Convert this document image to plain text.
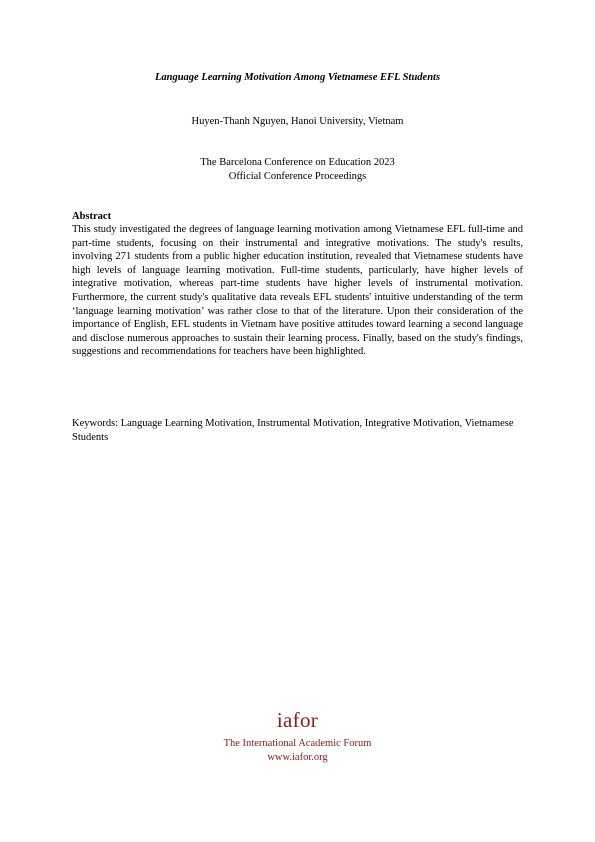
Language Learning Motivation Among Vietnamese EFL Students
Huyen-Thanh Nguyen, Hanoi University, Vietnam
The Barcelona Conference on Education 2023
Official Conference Proceedings
Abstract
This study investigated the degrees of language learning motivation among Vietnamese EFL full-time and part-time students, focusing on their instrumental and integrative motivations. The study's results, involving 271 students from a public higher education institution, revealed that Vietnamese students have high levels of language learning motivation. Full-time students, particularly, have higher levels of integrative motivation, whereas part-time students have higher levels of instrumental motivation. Furthermore, the current study's qualitative data reveals EFL students' intuitive understanding of the term ‘language learning motivation’ was rather close to that of the literature. Upon their consideration of the importance of English, EFL students in Vietnam have positive attitudes toward learning a second language and disclose numerous approaches to sustain their learning process. Finally, based on the study's findings, suggestions and recommendations for teachers have been highlighted.
Keywords: Language Learning Motivation, Instrumental Motivation, Integrative Motivation, Vietnamese Students
iafor
The International Academic Forum
www.iafor.org
